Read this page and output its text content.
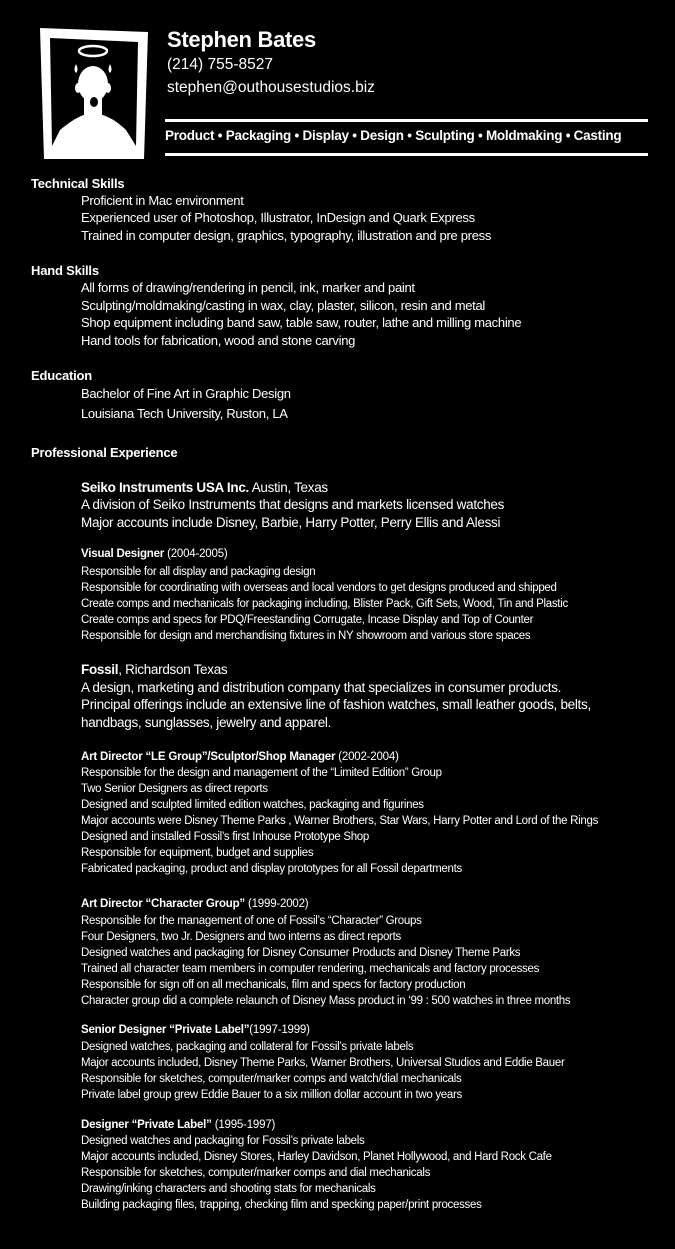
Stephen Bates
(214) 755-8527
stephen@outhousestudios.biz
Product • Packaging • Display • Design • Sculpting • Moldmaking • Casting
Technical Skills
Proficient in Mac environment
Experienced user of Photoshop, Illustrator, InDesign and Quark Express
Trained in computer design, graphics, typography, illustration and pre press
Hand Skills
All forms of drawing/rendering in pencil, ink, marker and paint
Sculpting/moldmaking/casting in wax, clay, plaster, silicon, resin and metal
Shop equipment including band saw, table saw, router, lathe and milling machine
Hand tools for fabrication, wood and stone carving
Education
Bachelor of Fine Art in Graphic Design
Louisiana Tech University, Ruston, LA
Professional Experience
Seiko Instruments USA Inc. Austin, Texas
A division of Seiko Instruments that designs and markets licensed watches
Major accounts include Disney, Barbie, Harry Potter, Perry Ellis and Alessi
Visual Designer (2004-2005)
Responsible for all display and packaging design
Responsible for coordinating with overseas and local vendors to get designs produced and shipped
Create comps and mechanicals for packaging including, Blister Pack, Gift Sets, Wood, Tin and Plastic
Create comps and specs for PDQ/Freestanding Corrugate, Incase Display and Top of Counter
Responsible for design and merchandising fixtures in NY showroom and various store spaces
Fossil, Richardson Texas
A design, marketing and distribution company that specializes in consumer products.
Principal offerings include an extensive line of fashion watches, small leather goods, belts,
handbags, sunglasses, jewelry and apparel.
Art Director “LE Group”/Sculptor/Shop Manager (2002-2004)
Responsible for the design and management of the “Limited Edition” Group
Two Senior Designers as direct reports
Designed and sculpted limited edition watches, packaging and figurines
Major accounts were Disney Theme Parks , Warner Brothers, Star Wars, Harry Potter and Lord of the Rings
Designed and installed Fossil’s first Inhouse Prototype Shop
Responsible for equipment, budget and supplies
Fabricated packaging, product and display prototypes for all Fossil departments
Art Director “Character Group” (1999-2002)
Responsible for the management of one of Fossil’s “Character” Groups
Four Designers, two Jr. Designers and two interns as direct reports
Designed watches and packaging for Disney Consumer Products and Disney Theme Parks
Trained all character team members in computer rendering, mechanicals and factory processes
Responsible for sign off on all mechanicals, film and specs for factory production
Character group did a complete relaunch of Disney Mass product in ‘99 : 500 watches in three months
Senior Designer “Private Label”(1997-1999)
Designed watches, packaging and collateral for Fossil’s private labels
Major accounts included, Disney Theme Parks, Warner Brothers, Universal Studios and Eddie Bauer
Responsible for sketches, computer/marker comps and watch/dial mechanicals
Private label group grew Eddie Bauer to a six million dollar account in two years
Designer “Private Label” (1995-1997)
Designed watches and packaging for Fossil’s private labels
Major accounts included, Disney Stores, Harley Davidson, Planet Hollywood, and Hard Rock Cafe
Responsible for sketches, computer/marker comps and dial mechanicals
Drawing/inking characters and shooting stats for mechanicals
Building packaging files, trapping, checking film and specking paper/print processes
